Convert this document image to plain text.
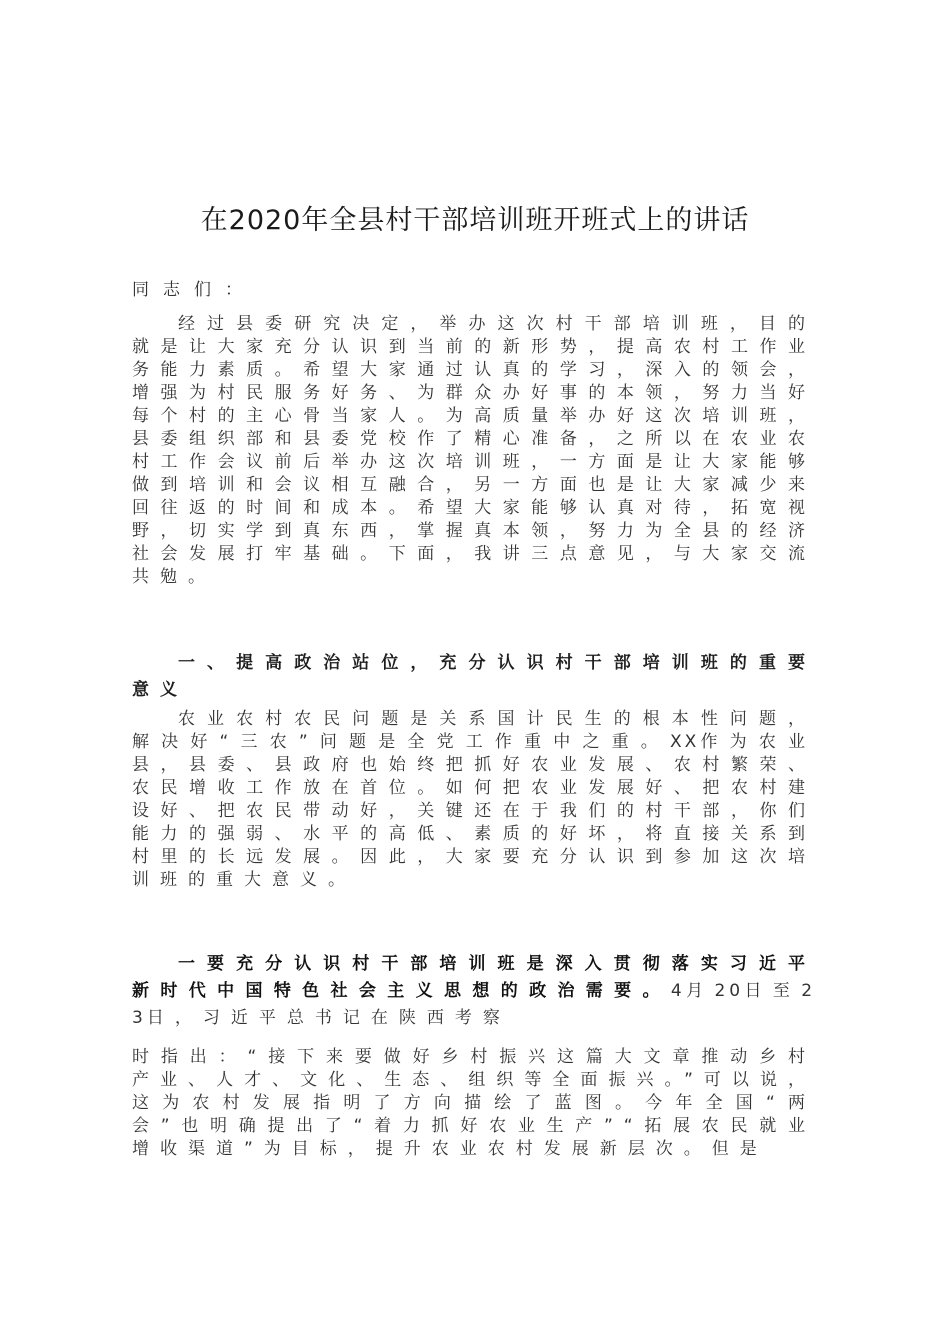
在2020年全县村干部培训班开班式上的讲话

同志们：

经过县委研究决定，举办这次村干部培训班，目的就是让大家充分认识到当前的新形势，提高农村工作业务能力素质。希望大家通过认真的学习，深入的领会，增强为村民服务好务、为群众办好事的本领，努力当好每个村的主心骨当家人。为高质量举办好这次培训班，县委组织部和县委党校作了精心准备，之所以在农业农村工作会议前后举办这次培训班，一方面是让大家能够做到培训和会议相互融合，另一方面也是让大家减少来回往返的时间和成本。希望大家能够认真对待，拓宽视野，切实学到真东西，掌握真本领，努力为全县的经济社会发展打牢基础。下面，我讲三点意见，与大家交流共勉。

一、提高政治站位，充分认识村干部培训班的重要意义

农业农村农民问题是关系国计民生的根本性问题，解决好“三农”问题是全党工作重中之重。XX作为农业县，县委、县政府也始终把抓好农业发展、农村繁荣、农民增收工作放在首位。如何把农业发展好、把农村建设好、把农民带动好，关键还在于我们的村干部，你们能力的强弱、水平的高低、素质的好坏，将直接关系到村里的长远发展。因此，大家要充分认识到参加这次培训班的重大意义。

一要充分认识村干部培训班是深入贯彻落实习近平新时代中国特色社会主义思想的政治需要。4月20日至23日，习近平总书记在陕西考察

时指出：“接下来要做好乡村振兴这篇大文章推动乡村产业、人才、文化、生态、组织等全面振兴。”可以说，这为农村发展指明了方向描绘了蓝图。今年全国“两会”也明确提出了“着力抓好农业生产”“拓展农民就业增收渠道”为目标，提升农业农村发展新层次。但是
